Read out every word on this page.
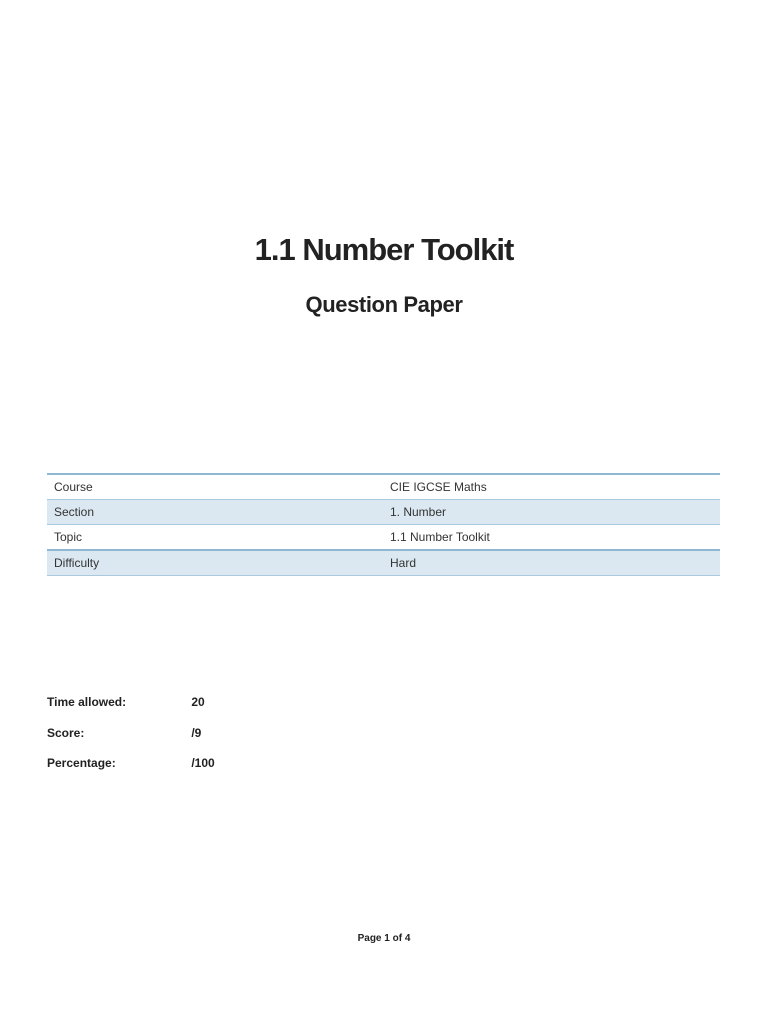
1.1 Number Toolkit
Question Paper
Course	CIE IGCSE Maths
Section	1. Number
Topic	1.1 Number Toolkit
Difficulty	Hard
Time allowed:	20
Score:	/9
Percentage:	/100
Page 1 of 4
